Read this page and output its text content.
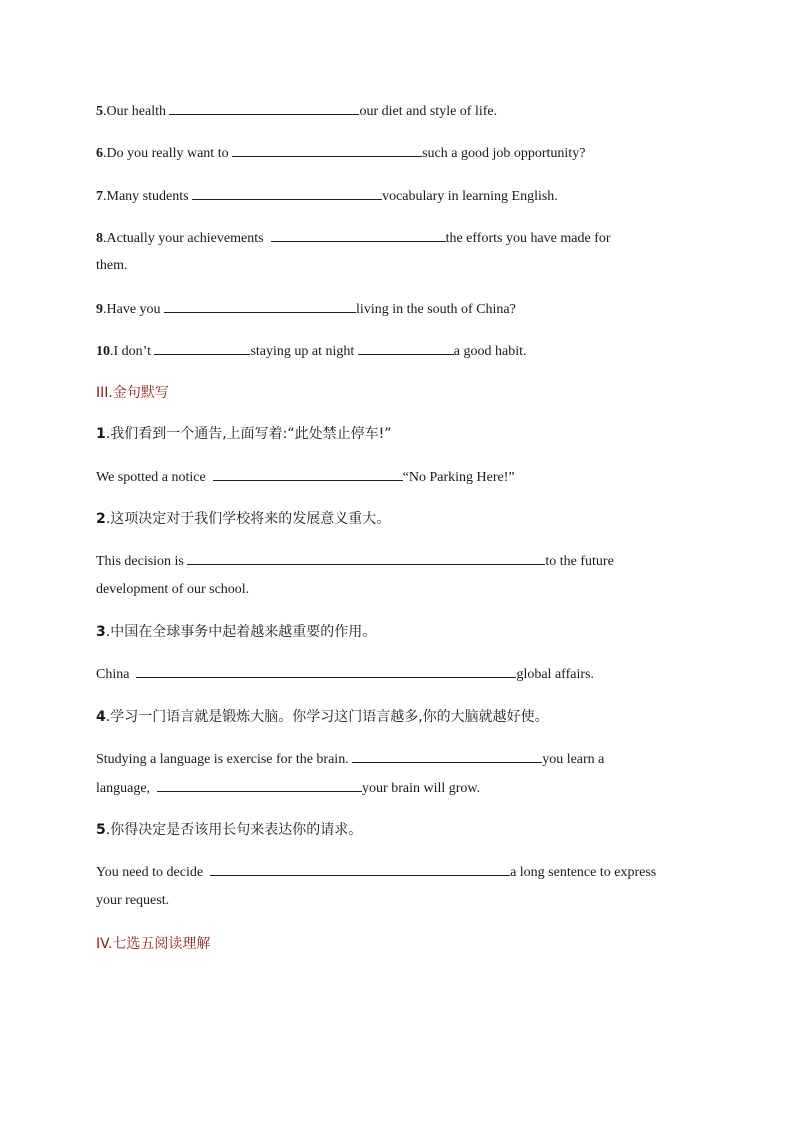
5.Our health	our diet and style of life.
6.Do you really want to	such a good job opportunity?
7.Many students	vocabulary in learning English.
8.Actually your achievements	the efforts you have made for
them.
9.Have you	living in the south of China?
10.I don’t	staying up at night	a good habit.
III.金句默写
1.我们看到一个通告,上面写着:“此处禁止停车!”
We spotted a notice	“No Parking Here!”
2.这项决定对于我们学校将来的发展意义重大。
This decision is	to the future
development of our school.
3.中国在全球事务中起着越来越重要的作用。
China	global affairs.
4.学习一门语言就是锻炼大脑。你学习这门语言越多,你的大脑就越好使。
Studying a language is exercise for the brain.	you learn a
language,	your brain will grow.
5.你得决定是否该用长句来表达你的请求。
You need to decide	a long sentence to express
your request.
IV.七选五阅读理解
